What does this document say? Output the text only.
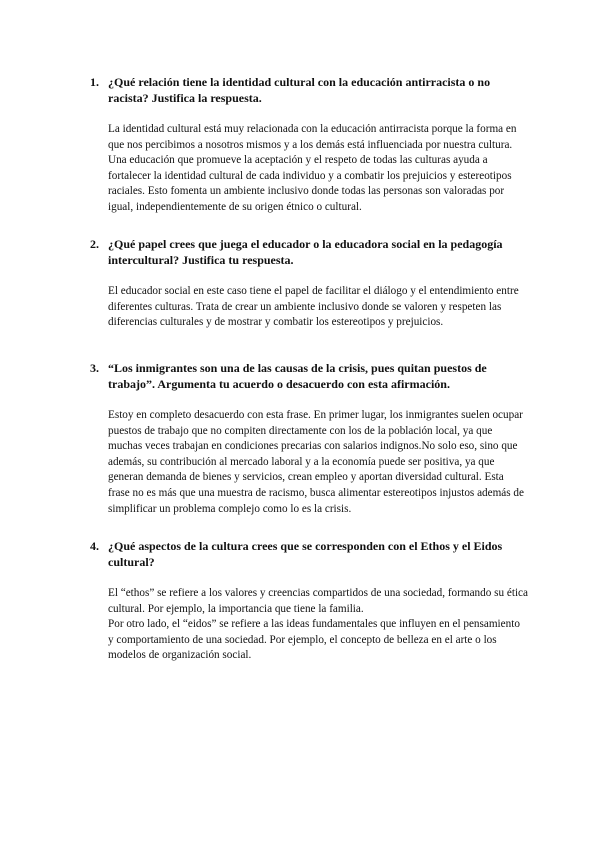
1. ¿Qué relación tiene la identidad cultural con la educación antirracista o no racista? Justifica la respuesta.

La identidad cultural está muy relacionada con la educación antirracista porque la forma en que nos percibimos a nosotros mismos y a los demás está influenciada por nuestra cultura. Una educación que promueve la aceptación y el respeto de todas las culturas ayuda a fortalecer la identidad cultural de cada individuo y a combatir los prejuicios y estereotipos raciales. Esto fomenta un ambiente inclusivo donde todas las personas son valoradas por igual, independientemente de su origen étnico o cultural.

2. ¿Qué papel crees que juega el educador o la educadora social en la pedagogía intercultural? Justifica tu respuesta.

El educador social en este caso tiene el papel de facilitar el diálogo y el entendimiento entre diferentes culturas. Trata de crear un ambiente inclusivo donde se valoren y respeten las diferencias culturales y de mostrar y combatir los estereotipos y prejuicios.

3. “Los inmigrantes son una de las causas de la crisis, pues quitan puestos de trabajo”. Argumenta tu acuerdo o desacuerdo con esta afirmación.

Estoy en completo desacuerdo con esta frase. En primer lugar, los inmigrantes suelen ocupar puestos de trabajo que no compiten directamente con los de la población local, ya que muchas veces trabajan en condiciones precarias con salarios indignos.No solo eso, sino que además, su contribución al mercado laboral y a la economía puede ser positiva, ya que generan demanda de bienes y servicios, crean empleo y aportan diversidad cultural. Esta frase no es más que una muestra de racismo, busca alimentar estereotipos injustos además de simplificar un problema complejo como lo es la crisis.

4. ¿Qué aspectos de la cultura crees que se corresponden con el Ethos y el Eidos cultural?

El “ethos” se refiere a los valores y creencias compartidos de una sociedad, formando su ética cultural. Por ejemplo, la importancia que tiene la familia.

Por otro lado, el “eidos” se refiere a las ideas fundamentales que influyen en el pensamiento y comportamiento de una sociedad. Por ejemplo, el concepto de belleza en el arte o los modelos de organización social.
